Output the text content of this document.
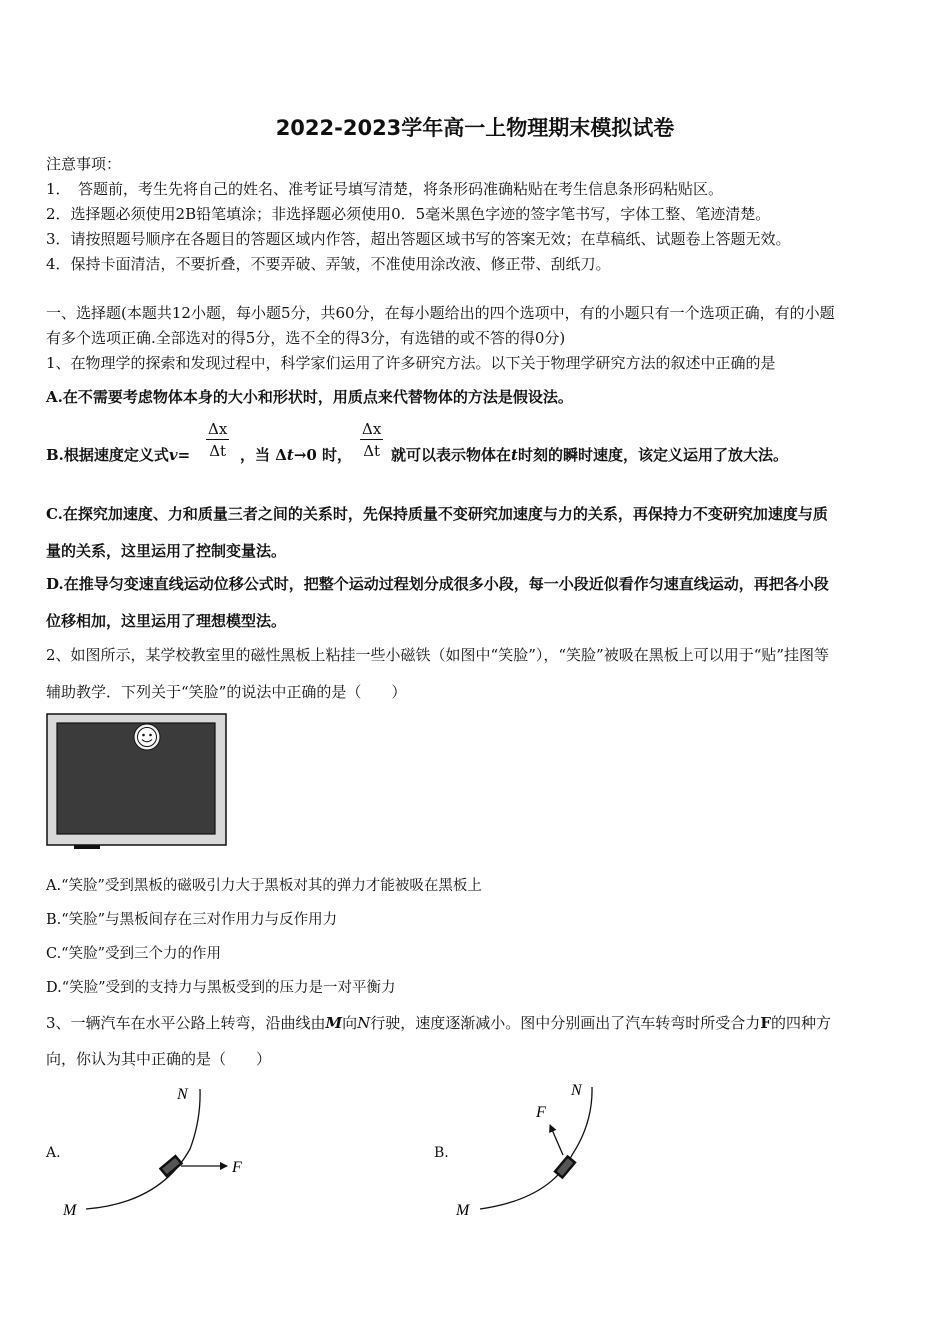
2022-2023学年高一上物理期末模拟试卷
注意事项：
1．　答题前，考生先将自己的姓名、准考证号填写清楚，将条形码准确粘贴在考生信息条形码粘贴区。
2．选择题必须使用2B铅笔填涂；非选择题必须使用0．5毫米黑色字迹的签字笔书写，字体工整、笔迹清楚。
3．请按照题号顺序在各题目的答题区域内作答，超出答题区域书写的答案无效；在草稿纸、试题卷上答题无效。
4．保持卡面清洁，不要折叠，不要弄破、弄皱，不准使用涂改液、修正带、刮纸刀。
一、选择题(本题共12小题，每小题5分，共60分，在每小题给出的四个选项中，有的小题只有一个选项正确，有的小题
有多个选项正确.全部选对的得5分，选不全的得3分，有选错的或不答的得0分)
1、在物理学的探索和发现过程中，科学家们运用了许多研究方法。以下关于物理学研究方法的叙述中正确的是
A.在不需要考虑物体本身的大小和形状时，用质点来代替物体的方法是假设法。
B.根据速度定义式$v= \frac{\Delta x}{\Delta t}$ ，当 Δt→0 时， $\frac{\Delta x}{\Delta t}$ 就可以表示物体在t时刻的瞬时速度，该定义运用了放大法。
C.在探究加速度、力和质量三者之间的关系时，先保持质量不变研究加速度与力的关系，再保持力不变研究加速度与质
量的关系，这里运用了控制变量法。
D.在推导匀变速直线运动位移公式时，把整个运动过程划分成很多小段，每一小段近似看作匀速直线运动，再把各小段
位移相加，这里运用了理想模型法。
2、如图所示，某学校教室里的磁性黑板上粘挂一些小磁铁（如图中“笑脸”），“笑脸”被吸在黑板上可以用于“贴”挂图等
辅助教学．下列关于“笑脸”的说法中正确的是（　　）
A.“笑脸”受到黑板的磁吸引力大于黑板对其的弹力才能被吸在黑板上
B.“笑脸”与黑板间存在三对作用力与反作用力
C.“笑脸”受到三个力的作用
D.“笑脸”受到的支持力与黑板受到的压力是一对平衡力
3、一辆汽车在水平公路上转弯，沿曲线由M向N行驶，速度逐渐减小。图中分别画出了汽车转弯时所受合力F的四种方
向，你认为其中正确的是（　　）
A.
N
M
F
B.
N
M
F
